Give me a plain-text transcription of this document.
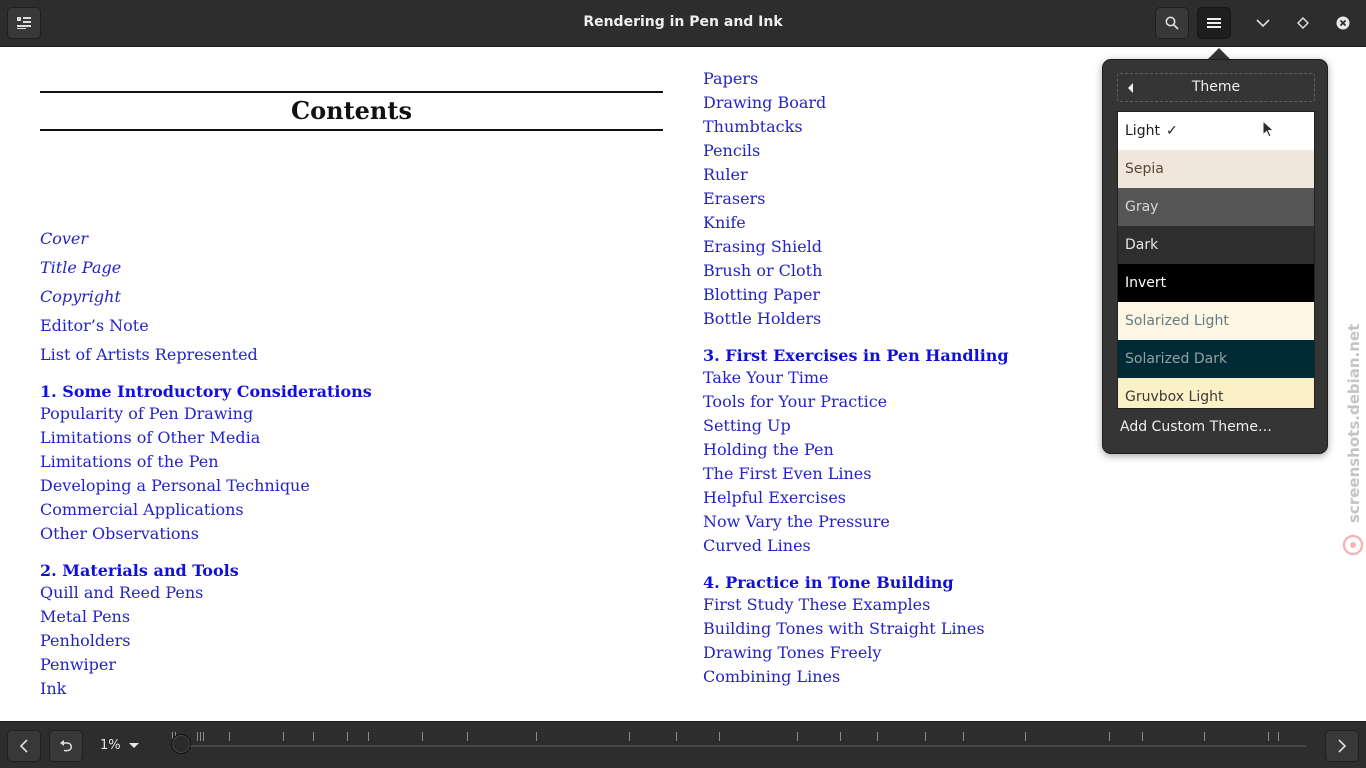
Rendering in Pen and Ink
Contents
Cover
Title Page
Copyright
Editor’s Note
List of Artists Represented
1. Some Introductory Considerations
Popularity of Pen Drawing
Limitations of Other Media
Limitations of the Pen
Developing a Personal Technique
Commercial Applications
Other Observations
2. Materials and Tools
Quill and Reed Pens
Metal Pens
Penholders
Penwiper
Ink
Papers
Drawing Board
Thumbtacks
Pencils
Ruler
Erasers
Knife
Erasing Shield
Brush or Cloth
Blotting Paper
Bottle Holders
3. First Exercises in Pen Handling
Take Your Time
Tools for Your Practice
Setting Up
Holding the Pen
The First Even Lines
Helpful Exercises
Now Vary the Pressure
Curved Lines
4. Practice in Tone Building
First Study These Examples
Building Tones with Straight Lines
Drawing Tones Freely
Combining Lines
screenshots.debian.net
1%
Theme
Light ✓
Sepia
Gray
Dark
Invert
Solarized Light
Solarized Dark
Gruvbox Light
Add Custom Theme…
